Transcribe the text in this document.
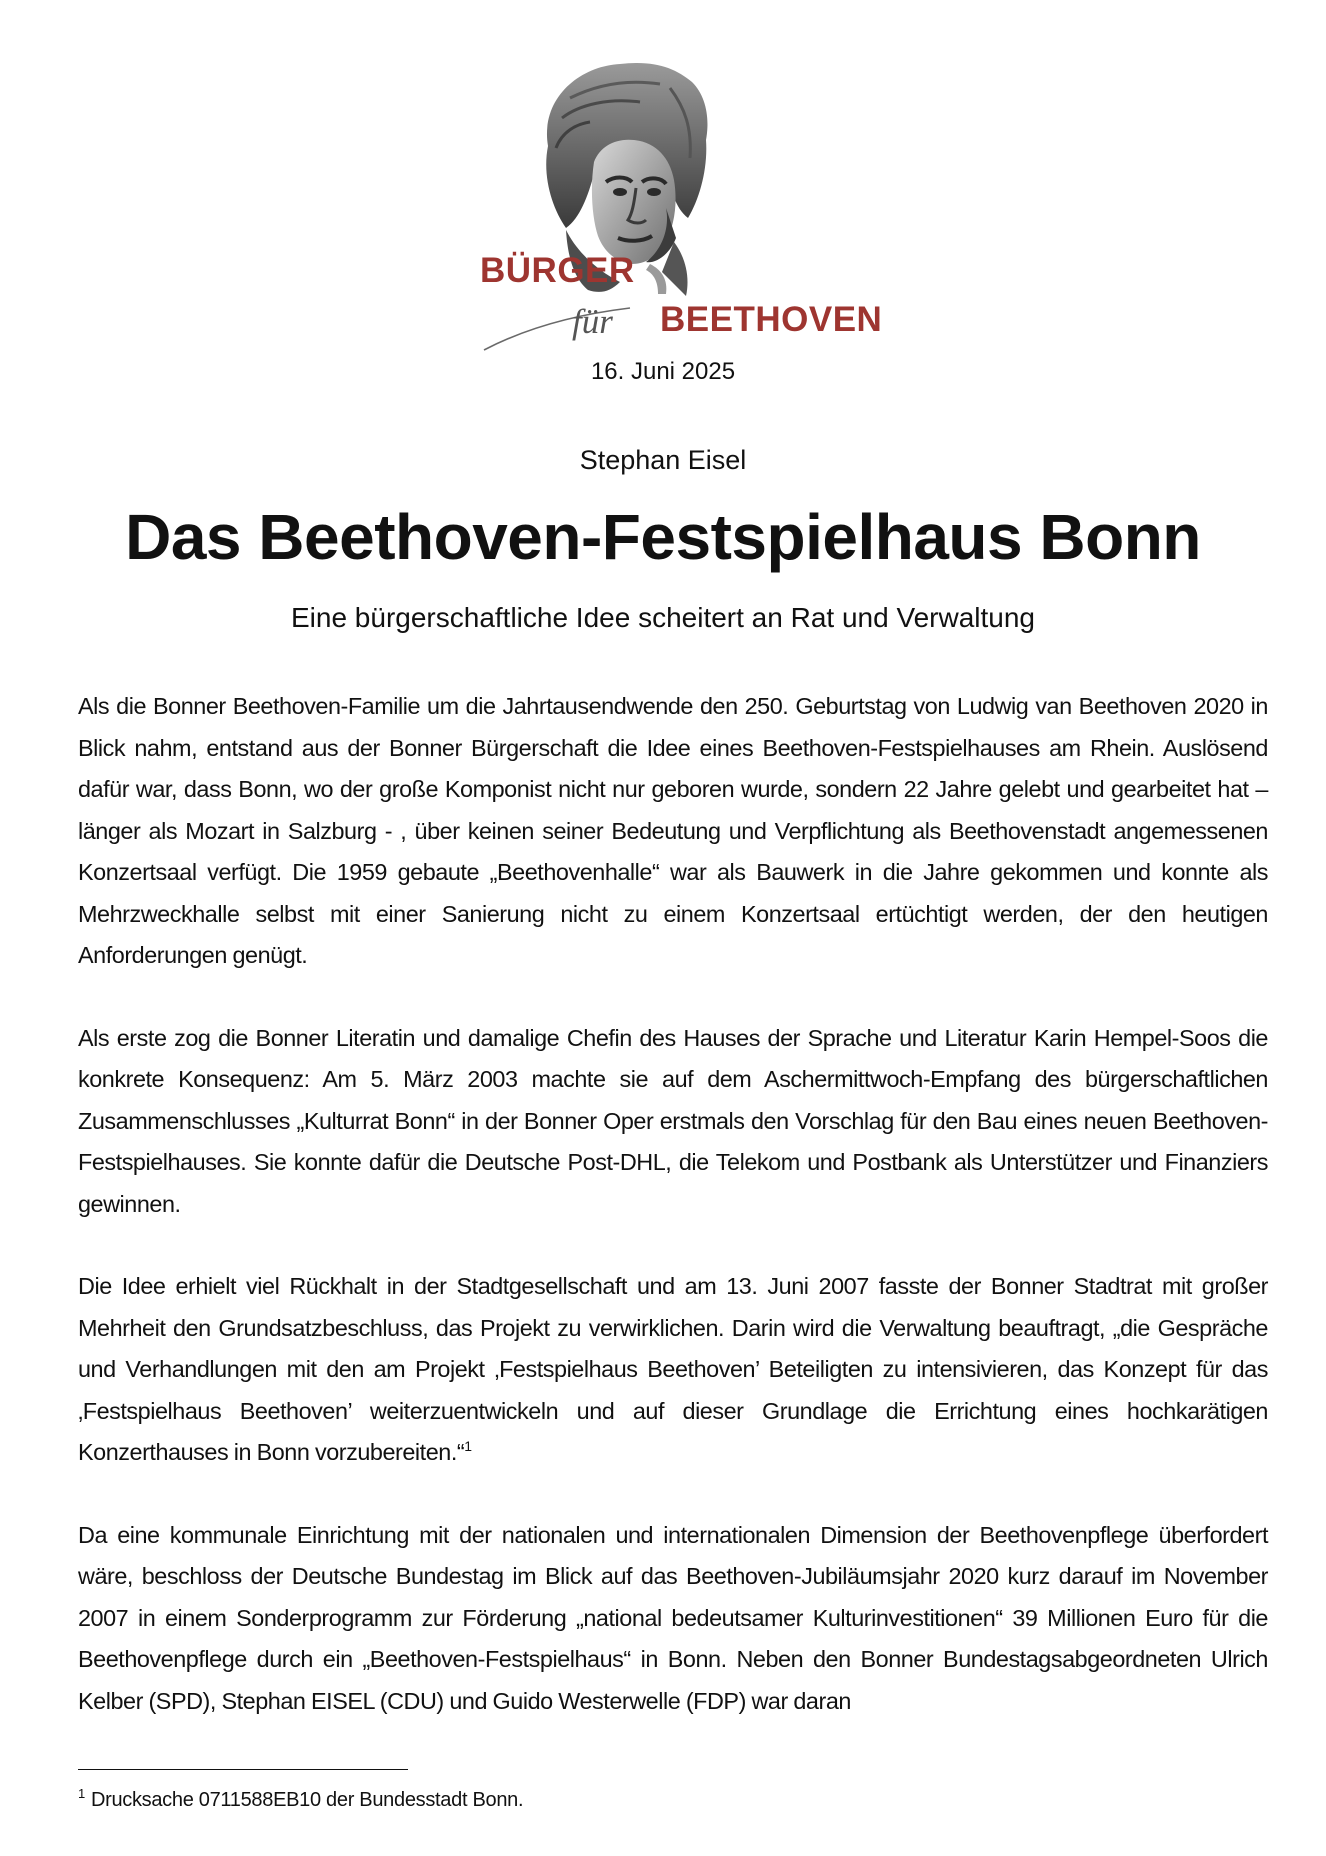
BÜRGER
für BEETHOVEN
16. Juni 2025
Stephan Eisel
Das Beethoven-Festspielhaus Bonn
Eine bürgerschaftliche Idee scheitert an Rat und Verwaltung

Als die Bonner Beethoven-Familie um die Jahrtausendwende den 250. Geburtstag von Ludwig van Beethoven 2020 in Blick nahm, entstand aus der Bonner Bürgerschaft die Idee eines Beethoven-Festspielhauses am Rhein. Auslösend dafür war, dass Bonn, wo der große Komponist nicht nur geboren wurde, sondern 22 Jahre gelebt und gearbeitet hat – länger als Mozart in Salzburg - , über keinen seiner Bedeutung und Verpflichtung als Beethovenstadt angemessenen Konzertsaal verfügt. Die 1959 gebaute „Beethovenhalle“ war als Bauwerk in die Jahre gekommen und konnte als Mehrzweckhalle selbst mit einer Sanierung nicht zu einem Konzertsaal ertüchtigt werden, der den heutigen Anforderungen genügt.

Als erste zog die Bonner Literatin und damalige Chefin des Hauses der Sprache und Literatur Karin Hempel-Soos die konkrete Konsequenz: Am 5. März 2003 machte sie auf dem Aschermittwoch-Empfang des bürgerschaftlichen Zusammenschlusses „Kulturrat Bonn“ in der Bonner Oper erstmals den Vorschlag für den Bau eines neuen Beethoven-Festspielhauses. Sie konnte dafür die Deutsche Post-DHL, die Telekom und Postbank als Unterstützer und Finanziers gewinnen.

Die Idee erhielt viel Rückhalt in der Stadtgesellschaft und am 13. Juni 2007 fasste der Bonner Stadtrat mit großer Mehrheit den Grundsatzbeschluss, das Projekt zu verwirklichen. Darin wird die Verwaltung beauftragt, „die Gespräche und Verhandlungen mit den am Projekt ‚Festspielhaus Beethoven’ Beteiligten zu intensivieren, das Konzept für das ‚Festspielhaus Beethoven’ weiterzuentwickeln und auf dieser Grundlage die Errichtung eines hochkarätigen Konzerthauses in Bonn vorzubereiten.“$^1$

Da eine kommunale Einrichtung mit der nationalen und internationalen Dimension der Beethovenpflege überfordert wäre, beschloss der Deutsche Bundestag im Blick auf das Beethoven-Jubiläumsjahr 2020 kurz darauf im November 2007 in einem Sonderprogramm zur Förderung „national bedeutsamer Kulturinvestitionen“ 39 Millionen Euro für die Beethovenpflege durch ein „Beethoven-Festspielhaus“ in Bonn. Neben den Bonner Bundestagsabgeordneten Ulrich Kelber (SPD), Stephan EISEL (CDU) und Guido Westerwelle (FDP) war daran

$^1$ Drucksache 0711588EB10 der Bundesstadt Bonn.
